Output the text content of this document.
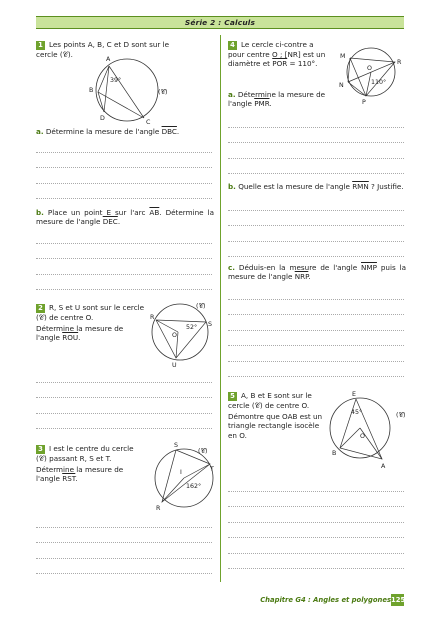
Série 2 : Calculs
1 Les points A, B, C et D sont sur le cercle (𝒞).
A
B
C
D
39°
(𝒞)
a. Détermine la mesure de l'angle $\overline{DBC}$.
b. Place un point E sur l'arc $\overline{AB}$. Détermine la mesure de l'angle $\overline{DEC}$.
2 R, S et U sont sur le cercle
(𝒞) de centre O.
Détermine la mesure de
l'angle $\overline{ROU}$.
R
S
U
O
52°
(𝒞)
3 I est le centre du cercle
(𝒞) passant R, S et T.
Détermine la mesure de
l'angle $\overline{RST}$.
S
T
R
I
162°
(𝒞)
4 Le cercle ci-contre a
pour centre O ; [NR] est un
diamètre et $\overline{POR} = 110^\circ$.
M
R
N
P
O
110°
a. Détermine la mesure de
l'angle $\overline{PMR}$.
b. Quelle est la mesure de l'angle $\overline{RMN}$ ? Justifie.
c. Déduis-en la mesure de l'angle $\overline{NMP}$ puis la mesure de l'angle $\overline{NRP}$.
5 A, B et E sont sur le
cercle (𝒞) de centre O.
Démontre que OAB est un
triangle rectangle isocèle
en O.
E
B
A
O
45°	(𝒞)
Chapitre G4 : Angles et polygones 125
